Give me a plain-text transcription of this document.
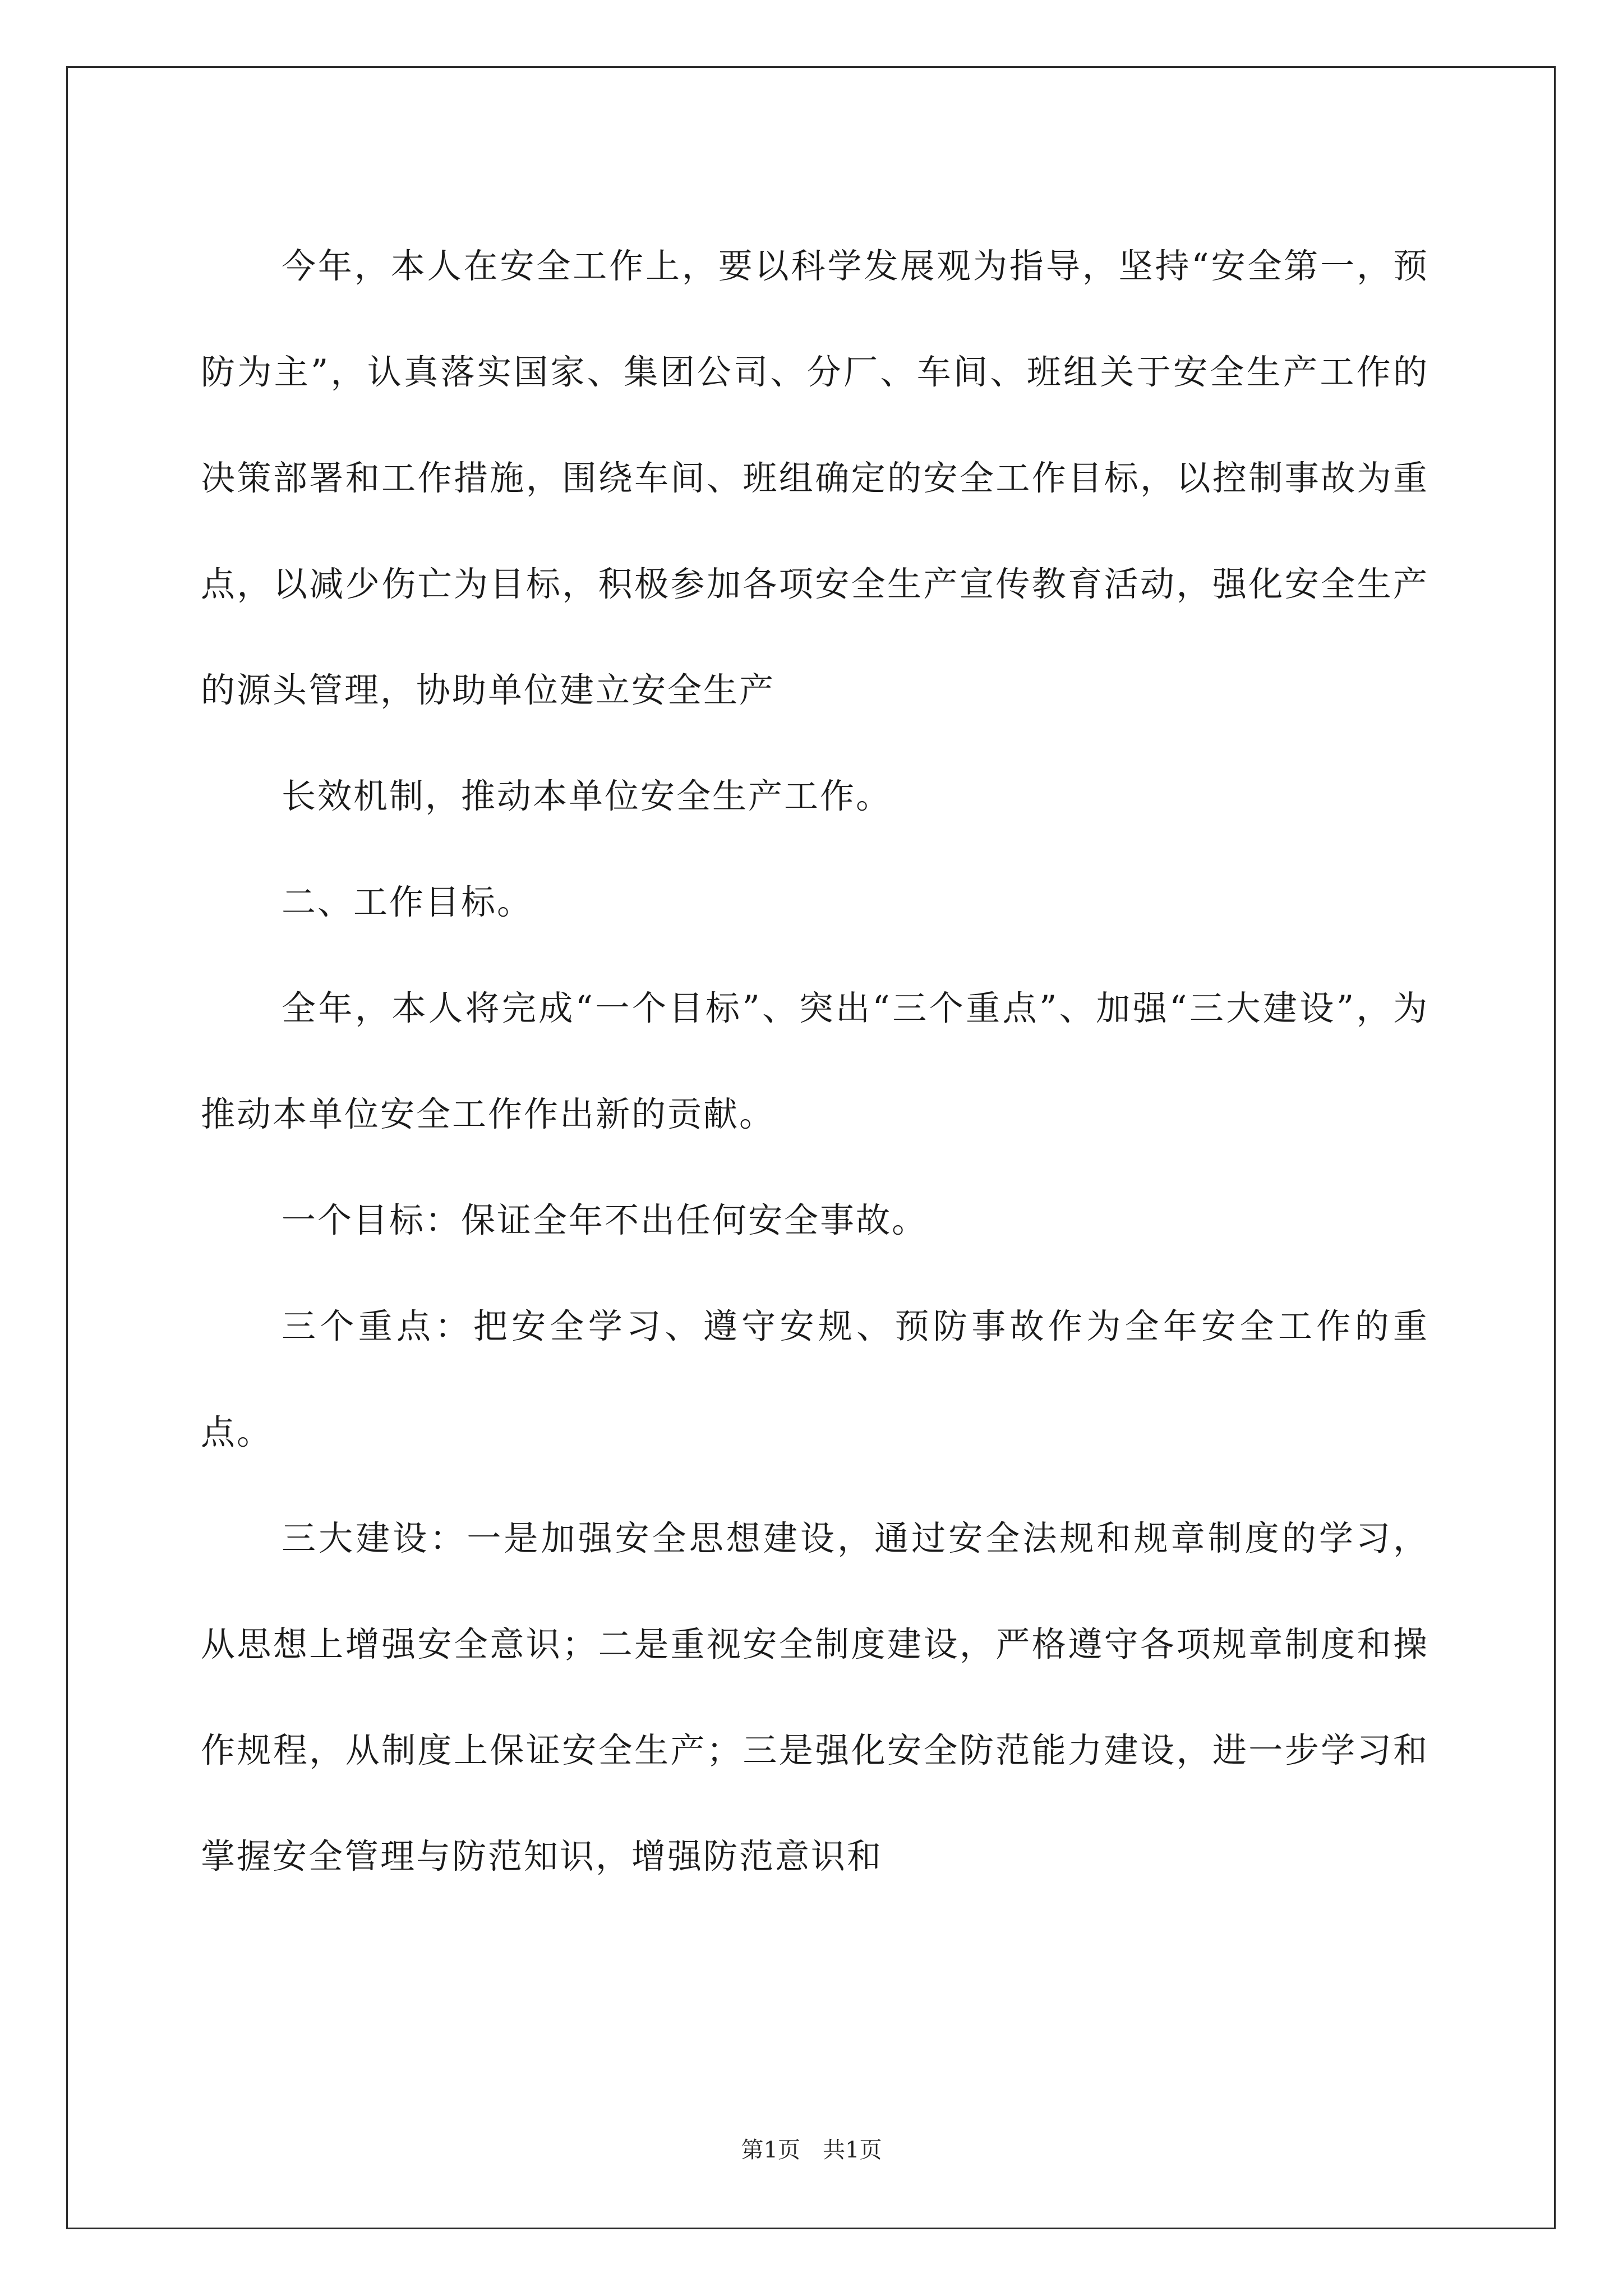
今年，本人在安全工作上，要以科学发展观为指导，坚持“安全第一，预防为主”，认真落实国家、集团公司、分厂、车间、班组关于安全生产工作的决策部署和工作措施，围绕车间、班组确定的安全工作目标，以控制事故为重点，以减少伤亡为目标，积极参加各项安全生产宣传教育活动，强化安全生产的源头管理，协助单位建立安全生产

长效机制，推动本单位安全生产工作。

二、工作目标。

全年，本人将完成“一个目标”、突出“三个重点”、加强“三大建设”，为推动本单位安全工作作出新的贡献。

一个目标：保证全年不出任何安全事故。

三个重点：把安全学习、遵守安规、预防事故作为全年安全工作的重点。

三大建设：一是加强安全思想建设，通过安全法规和规章制度的学习，从思想上增强安全意识；二是重视安全制度建设，严格遵守各项规章制度和操作规程，从制度上保证安全生产；三是强化安全防范能力建设，进一步学习和掌握安全管理与防范知识，增强防范意识和

第1页　共1页
